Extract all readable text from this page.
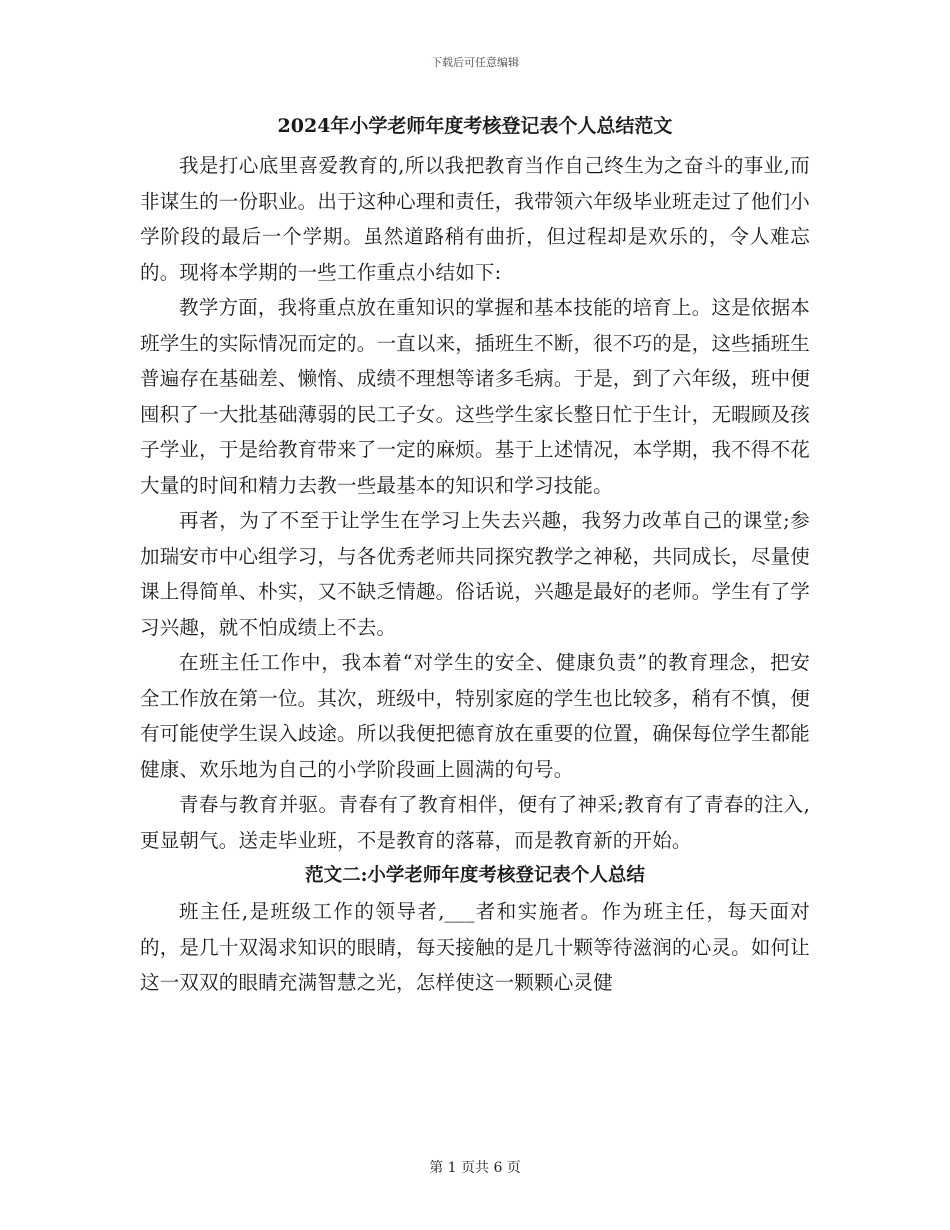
下载后可任意编辑
2024年小学老师年度考核登记表个人总结范文

我是打心底里喜爱教育的,所以我把教育当作自己终生为之奋斗的事业,而非谋生的一份职业。出于这种心理和责任，我带领六年级毕业班走过了他们小学阶段的最后一个学期。虽然道路稍有曲折，但过程却是欢乐的，令人难忘的。现将本学期的一些工作重点小结如下:

教学方面，我将重点放在重知识的掌握和基本技能的培育上。这是依据本班学生的实际情况而定的。一直以来，插班生不断，很不巧的是，这些插班生普遍存在基础差、懒惰、成绩不理想等诸多毛病。于是，到了六年级，班中便囤积了一大批基础薄弱的民工子女。这些学生家长整日忙于生计，无暇顾及孩子学业，于是给教育带来了一定的麻烦。基于上述情况，本学期，我不得不花大量的时间和精力去教一些最基本的知识和学习技能。

再者，为了不至于让学生在学习上失去兴趣，我努力改革自己的课堂;参加瑞安市中心组学习，与各优秀老师共同探究教学之神秘，共同成长，尽量使课上得简单、朴实，又不缺乏情趣。俗话说，兴趣是最好的老师。学生有了学习兴趣，就不怕成绩上不去。

在班主任工作中，我本着“对学生的安全、健康负责”的教育理念，把安全工作放在第一位。其次，班级中，特别家庭的学生也比较多，稍有不慎，便有可能使学生误入歧途。所以我便把德育放在重要的位置，确保每位学生都能健康、欢乐地为自己的小学阶段画上圆满的句号。

青春与教育并驱。青春有了教育相伴，便有了神采;教育有了青春的注入,更显朝气。送走毕业班，不是教育的落幕，而是教育新的开始。

范文二:小学老师年度考核登记表个人总结

班主任,是班级工作的领导者,___者和实施者。作为班主任，每天面对的，是几十双渴求知识的眼睛，每天接触的是几十颗等待滋润的心灵。如何让这一双双的眼睛充满智慧之光，怎样使这一颗颗心灵健

第 1 页共 6 页
